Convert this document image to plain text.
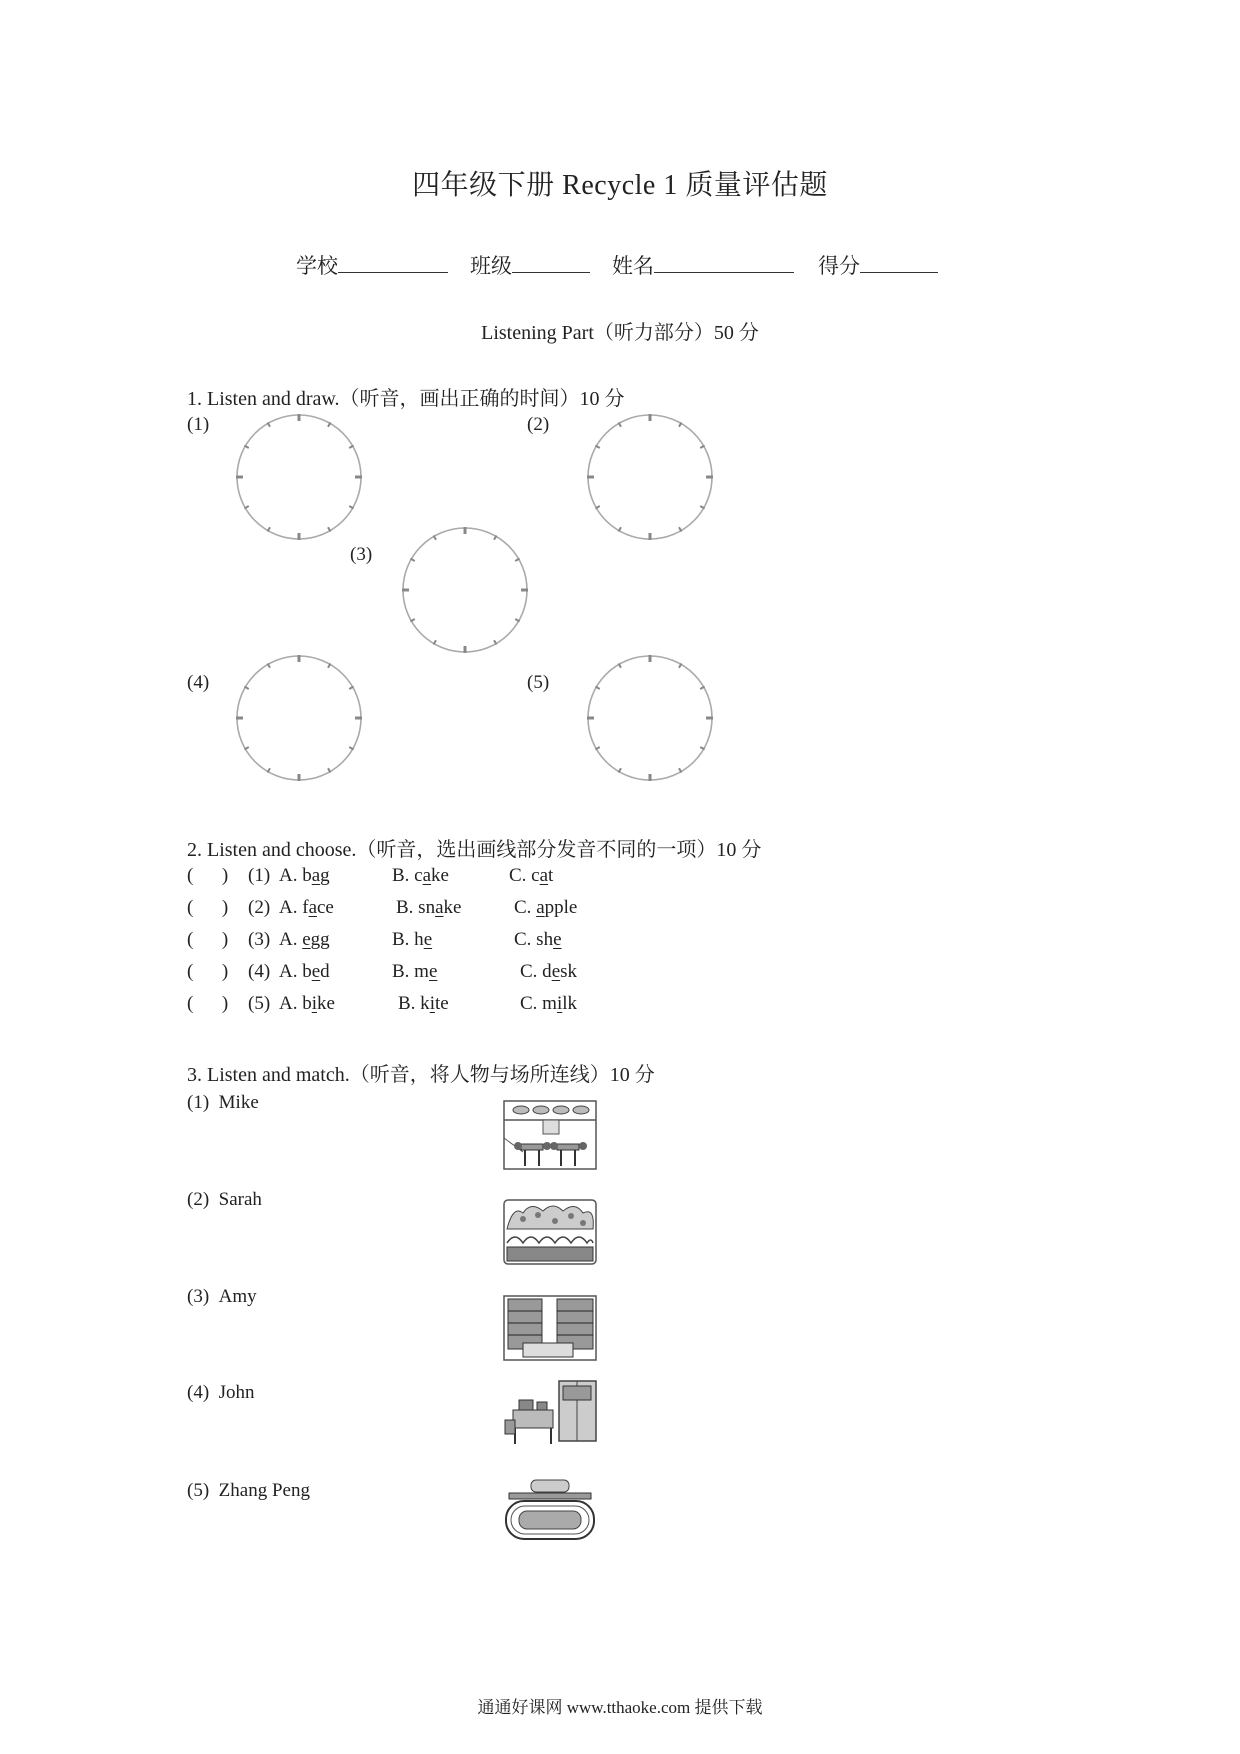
四年级下册 Recycle 1 质量评估题
学校	班级	姓名	得分
Listening Part（听力部分）50 分
1. Listen and draw.（听音，画出正确的时间）10 分
(1)	(2)
(3)
(4)	(5)
2. Listen and choose.（听音，选出画线部分发音不同的一项）10 分
(      ) (1) A. bag	B. cake	C. cat
(      ) (2) A. face	B. snake	C. apple
(      ) (3) A. egg	B. he	C. she
(      ) (4) A. bed	B. me	C. desk
(      ) (5) A. bike	B. kite	C. milk
3. Listen and match.（听音，将人物与场所连线）10 分
(1) Mike
(2) Sarah
(3) Amy
(4) John
(5) Zhang Peng
通通好课网 www.tthaoke.com 提供下载
